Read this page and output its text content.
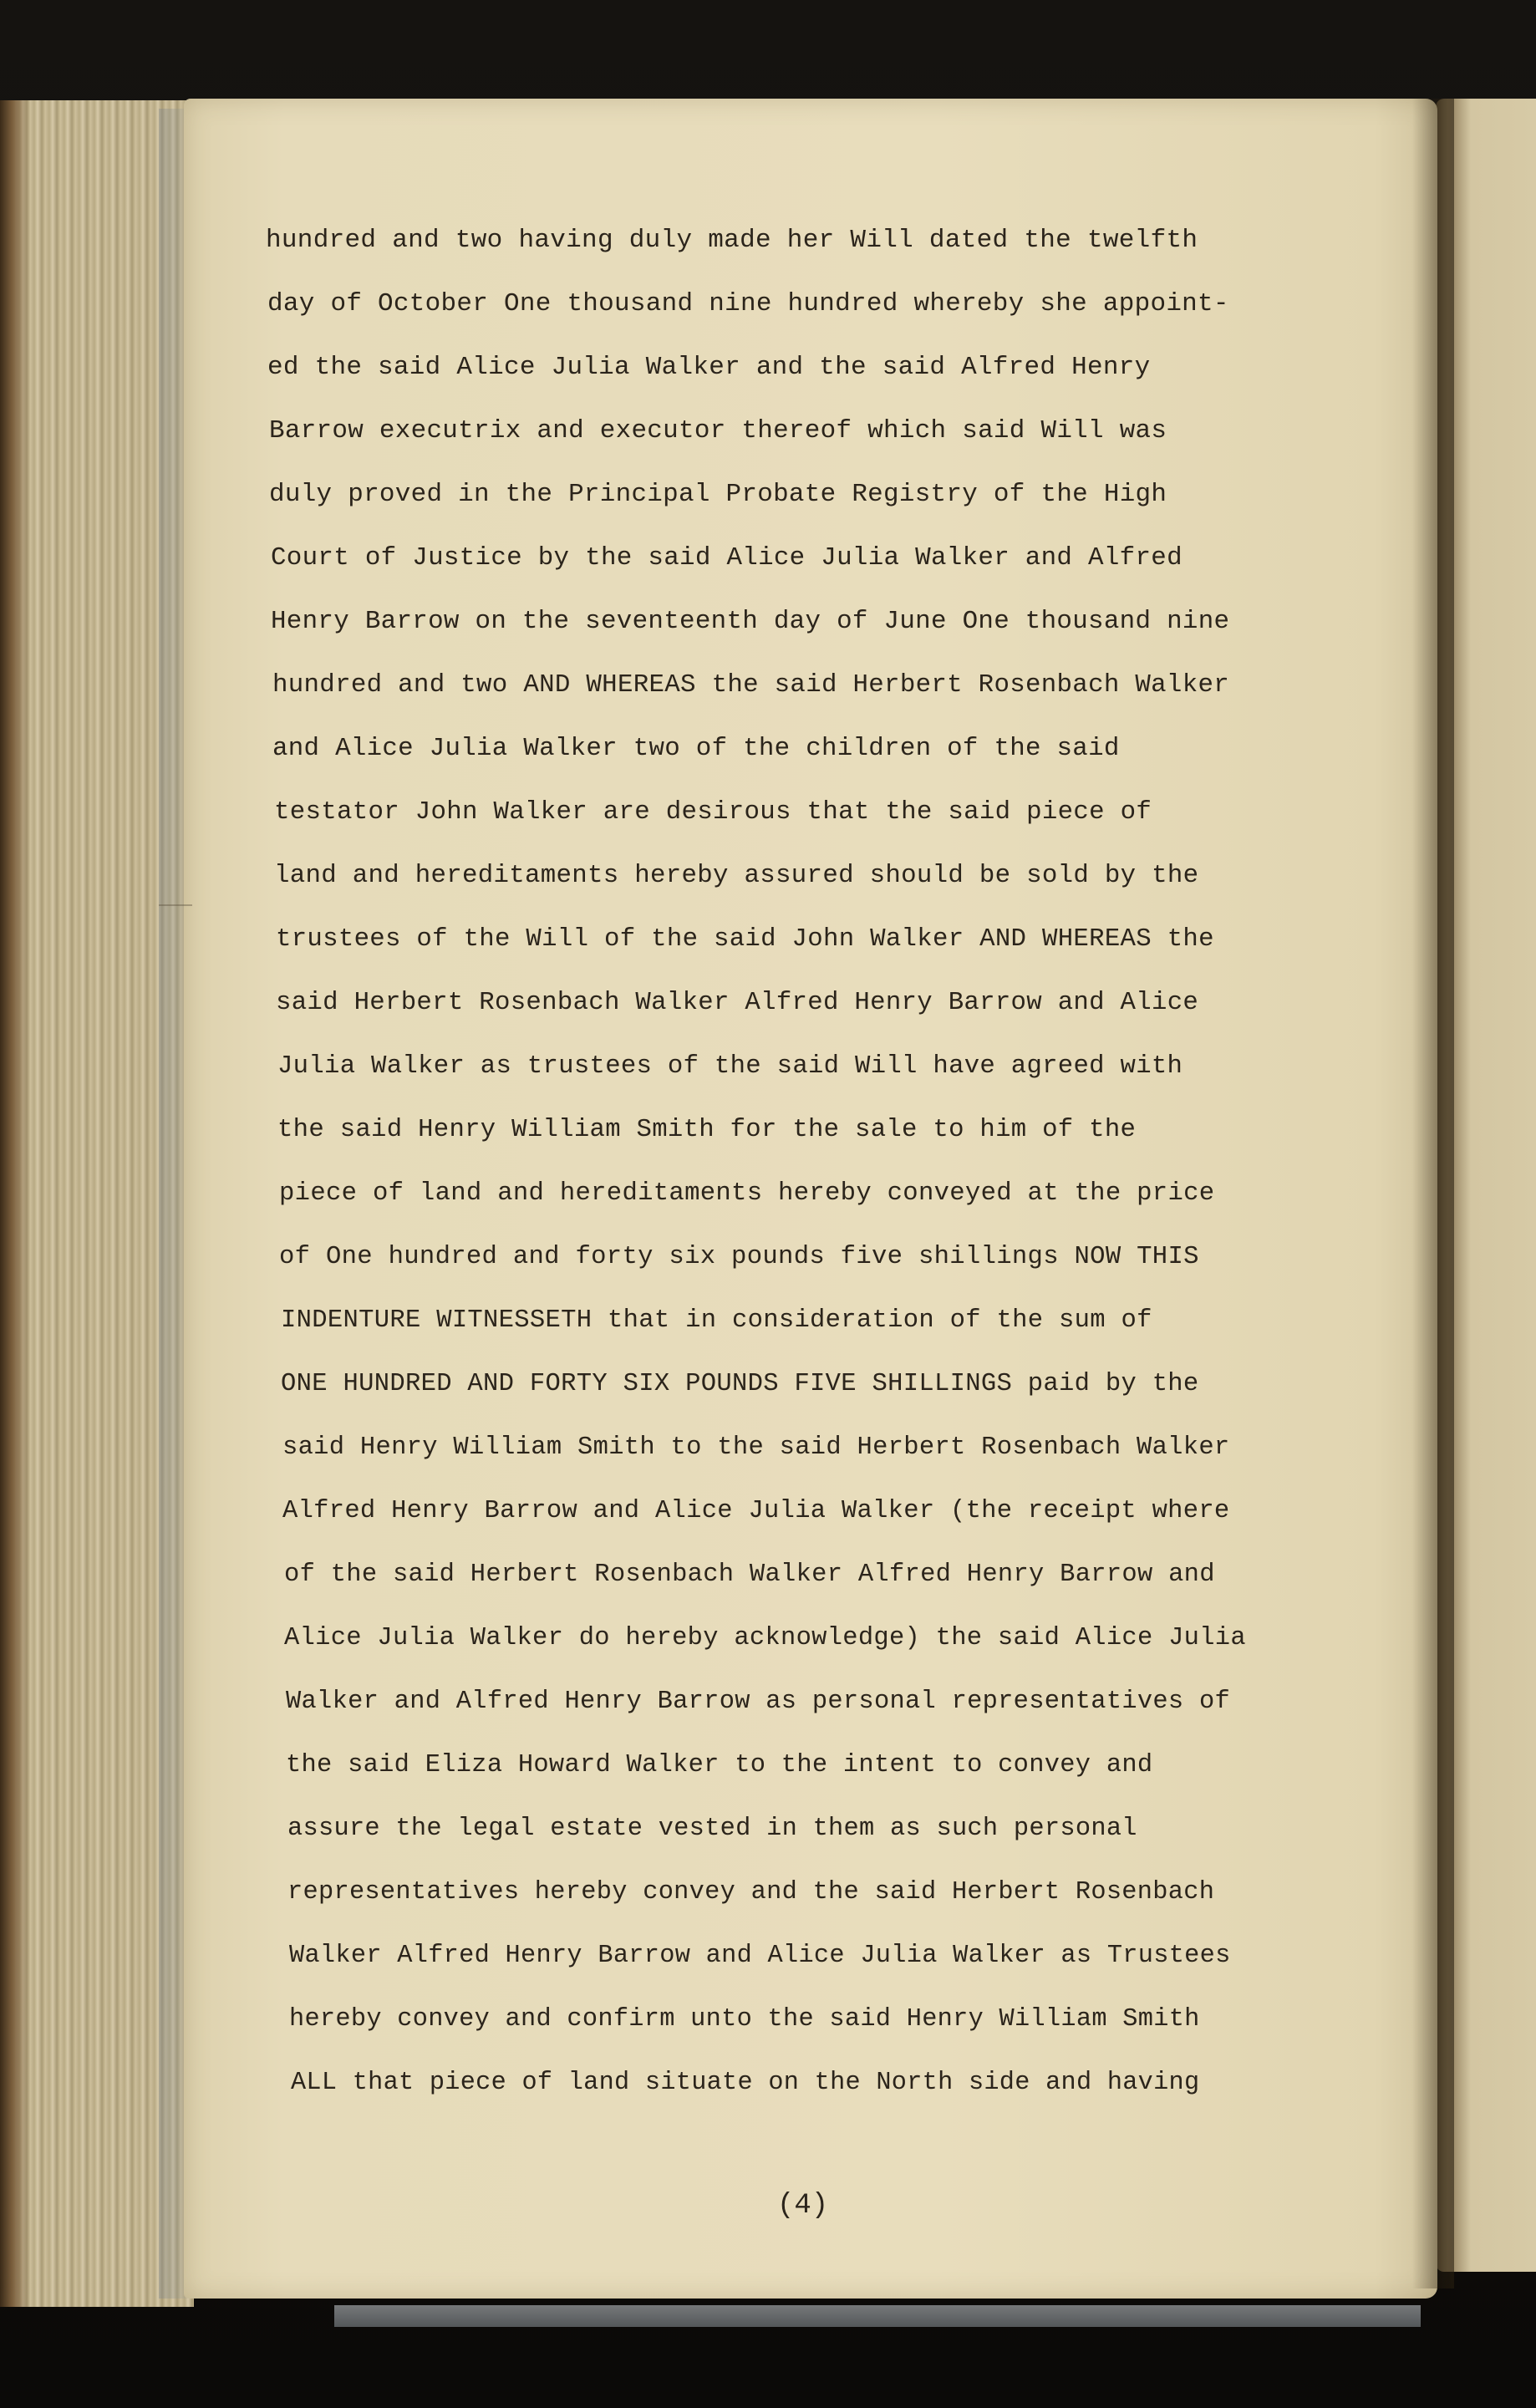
hundred and two having duly made her Will dated the twelfth
day of October One thousand nine hundred whereby she appoint-
ed the said Alice Julia Walker and the said Alfred Henry
Barrow executrix and executor thereof which said Will was
duly proved in the Principal Probate Registry of the High
Court of Justice by the said Alice Julia Walker and Alfred
Henry Barrow on the seventeenth day of June One thousand nine
hundred and two AND WHEREAS the said Herbert Rosenbach Walker
and Alice Julia Walker two of the children of the said
testator John Walker are desirous that the said piece of
land and hereditaments hereby assured should be sold by the
trustees of the Will of the said John Walker AND WHEREAS the
said Herbert Rosenbach Walker Alfred Henry Barrow and Alice
Julia Walker as trustees of the said Will have agreed with
the said Henry William Smith for the sale to him of the
piece of land and hereditaments hereby conveyed at the price
of One hundred and forty six pounds five shillings NOW THIS
INDENTURE WITNESSETH that in consideration of the sum of
ONE HUNDRED AND FORTY SIX POUNDS FIVE SHILLINGS paid by the
said Henry William Smith to the said Herbert Rosenbach Walker
Alfred Henry Barrow and Alice Julia Walker (the receipt where
of the said Herbert Rosenbach Walker Alfred Henry Barrow and
Alice Julia Walker do hereby acknowledge) the said Alice Julia
Walker and Alfred Henry Barrow as personal representatives of
the said Eliza Howard Walker to the intent to convey and
assure the legal estate vested in them as such personal
representatives hereby convey and the said Herbert Rosenbach
Walker Alfred Henry Barrow and Alice Julia Walker as Trustees
hereby convey and confirm unto the said Henry William Smith
ALL that piece of land situate on the North side and having
(4)
